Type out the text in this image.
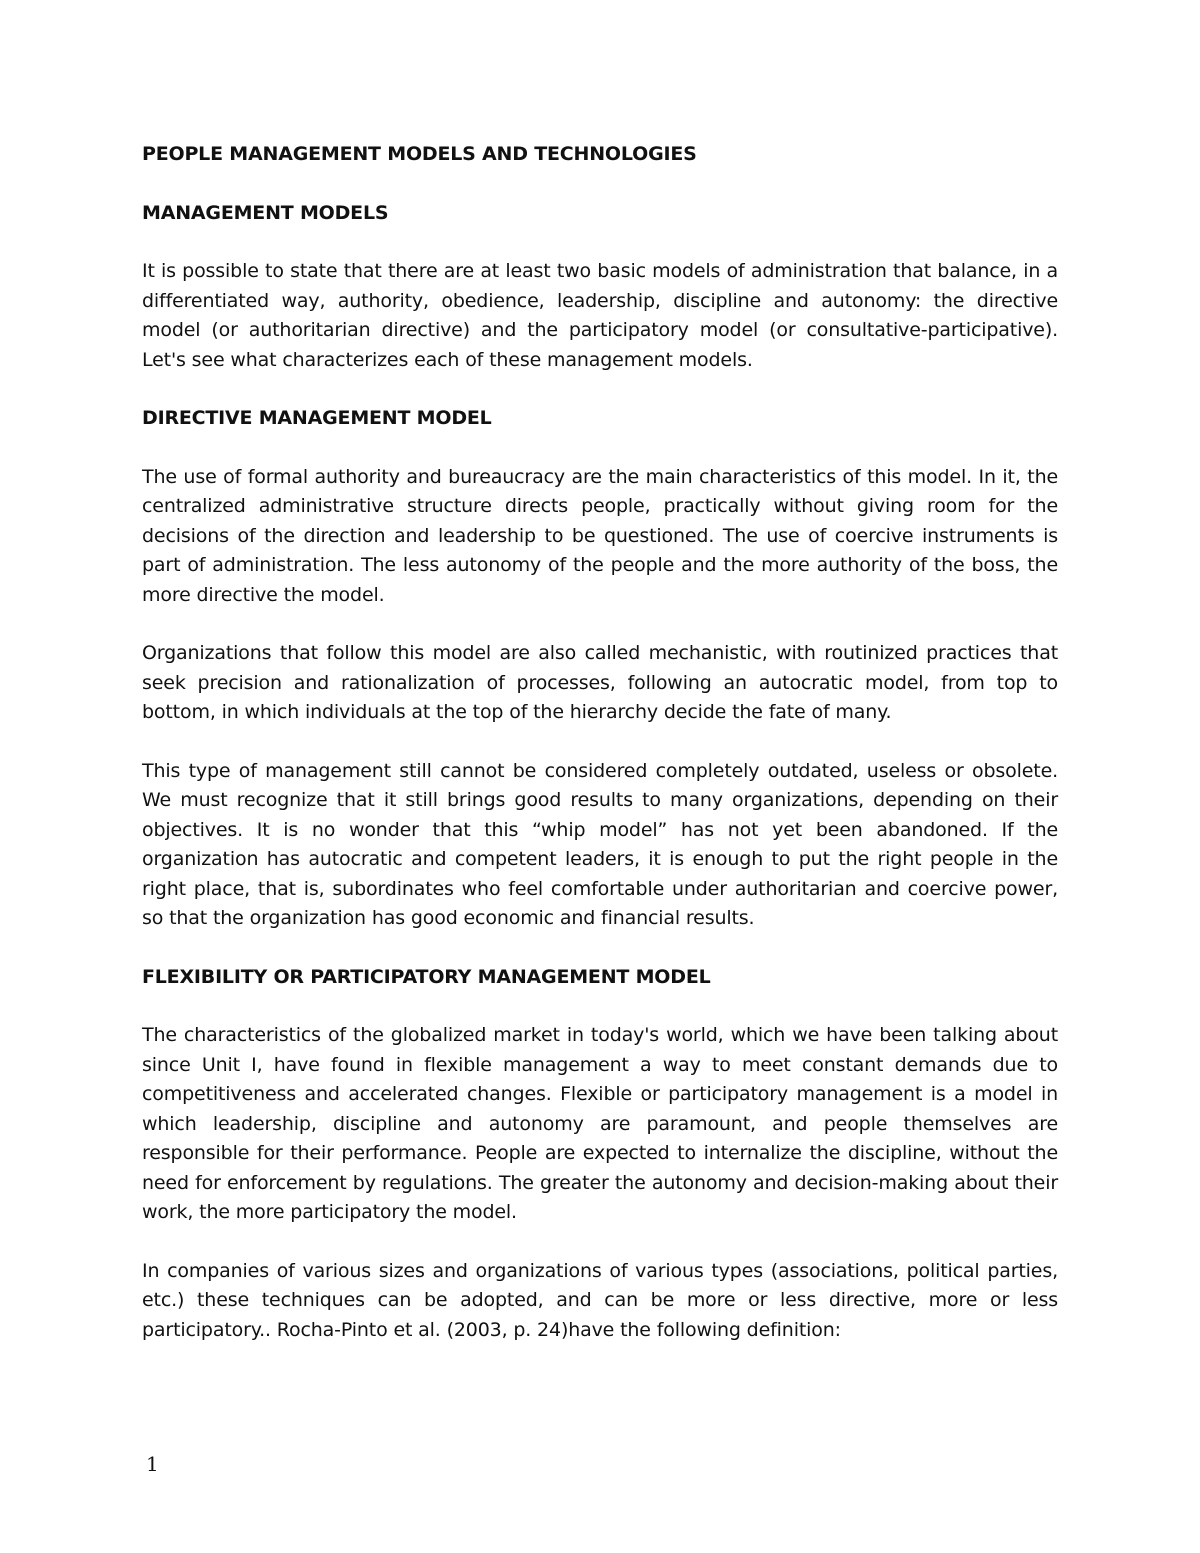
PEOPLE MANAGEMENT MODELS AND TECHNOLOGIES
MANAGEMENT MODELS

It is possible to state that there are at least two basic models of administration that balance, in a differentiated way, authority, obedience, leadership, discipline and autonomy: the directive model (or authoritarian directive) and the participatory model (or consultative-participative). Let's see what characterizes each of these management models.

DIRECTIVE MANAGEMENT MODEL

The use of formal authority and bureaucracy are the main characteristics of this model. In it, the centralized administrative structure directs people, practically without giving room for the decisions of the direction and leadership to be questioned. The use of coercive instruments is part of administration. The less autonomy of the people and the more authority of the boss, the more directive the model.

Organizations that follow this model are also called mechanistic, with routinized practices that seek precision and rationalization of processes, following an autocratic model, from top to bottom, in which individuals at the top of the hierarchy decide the fate of many.

This type of management still cannot be considered completely outdated, useless or obsolete. We must recognize that it still brings good results to many organizations, depending on their objectives. It is no wonder that this “whip model” has not yet been abandoned. If the organization has autocratic and competent leaders, it is enough to put the right people in the right place, that is, subordinates who feel comfortable under authoritarian and coercive power, so that the organization has good economic and financial results.

FLEXIBILITY OR PARTICIPATORY MANAGEMENT MODEL

The characteristics of the globalized market in today's world, which we have been talking about since Unit I, have found in flexible management a way to meet constant demands due to competitiveness and accelerated changes. Flexible or participatory management is a model in which leadership, discipline and autonomy are paramount, and people themselves are responsible for their performance. People are expected to internalize the discipline, without the need for enforcement by regulations. The greater the autonomy and decision-making about their work, the more participatory the model.

In companies of various sizes and organizations of various types (associations, political parties, etc.) these techniques can be adopted, and can be more or less directive, more or less participatory.. Rocha-Pinto et al. (2003, p. 24)have the following definition:

1
